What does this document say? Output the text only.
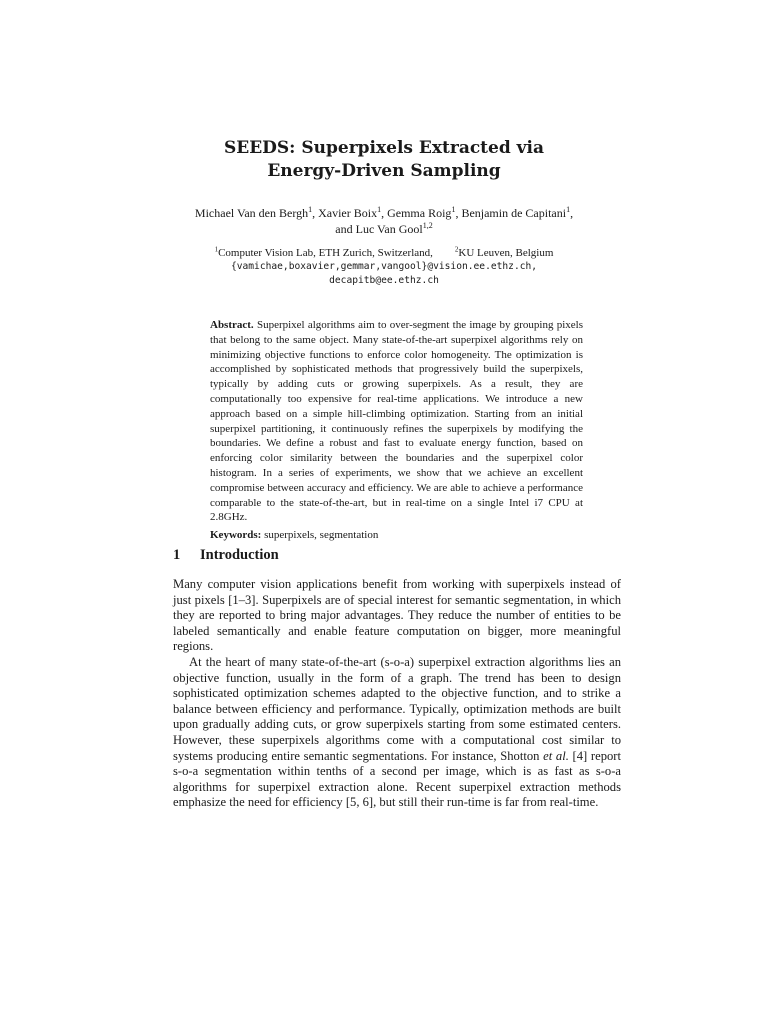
SEEDS: Superpixels Extracted via
Energy-Driven Sampling
Michael Van den Bergh$^1$, Xavier Boix$^1$, Gemma Roig$^1$, Benjamin de Capitani$^1$,
and Luc Van Gool$^{1,2}$
$^1$Computer Vision Lab, ETH Zurich, Switzerland,	$^2$KU Leuven, Belgium
{vamichae,boxavier,gemmar,vangool}@vision.ee.ethz.ch,
decapitb@ee.ethz.ch
Abstract. Superpixel algorithms aim to over-segment the image by grouping pixels that belong to the same object. Many state-of-the-art superpixel algorithms rely on minimizing objective functions to enforce color homogeneity. The optimization is accomplished by sophisticated methods that progressively build the superpixels, typically by adding cuts or growing superpixels. As a result, they are computationally too expensive for real-time applications. We introduce a new approach based on a simple hill-climbing optimization. Starting from an initial superpixel partitioning, it continuously refines the superpixels by modifying the boundaries. We define a robust and fast to evaluate energy function, based on enforcing color similarity between the boundaries and the superpixel color histogram. In a series of experiments, we show that we achieve an excellent compromise between accuracy and efficiency. We are able to achieve a performance comparable to the state-of-the-art, but in real-time on a single Intel i7 CPU at 2.8GHz.
Keywords: superpixels, segmentation
1 Introduction

Many computer vision applications benefit from working with superpixels instead of just pixels [1–3]. Superpixels are of special interest for semantic segmentation, in which they are reported to bring major advantages. They reduce the number of entities to be labeled semantically and enable feature computation on bigger, more meaningful regions.

At the heart of many state-of-the-art (s-o-a) superpixel extraction algorithms lies an objective function, usually in the form of a graph. The trend has been to design sophisticated optimization schemes adapted to the objective function, and to strike a balance between efficiency and performance. Typically, optimization methods are built upon gradually adding cuts, or grow superpixels starting from some estimated centers. However, these superpixels algorithms come with a computational cost similar to systems producing entire semantic segmentations. For instance, Shotton et al. [4] report s-o-a segmentation within tenths of a second per image, which is as fast as s-o-a algorithms for superpixel extraction alone. Recent superpixel extraction methods emphasize the need for efficiency [5, 6], but still their run-time is far from real-time.
